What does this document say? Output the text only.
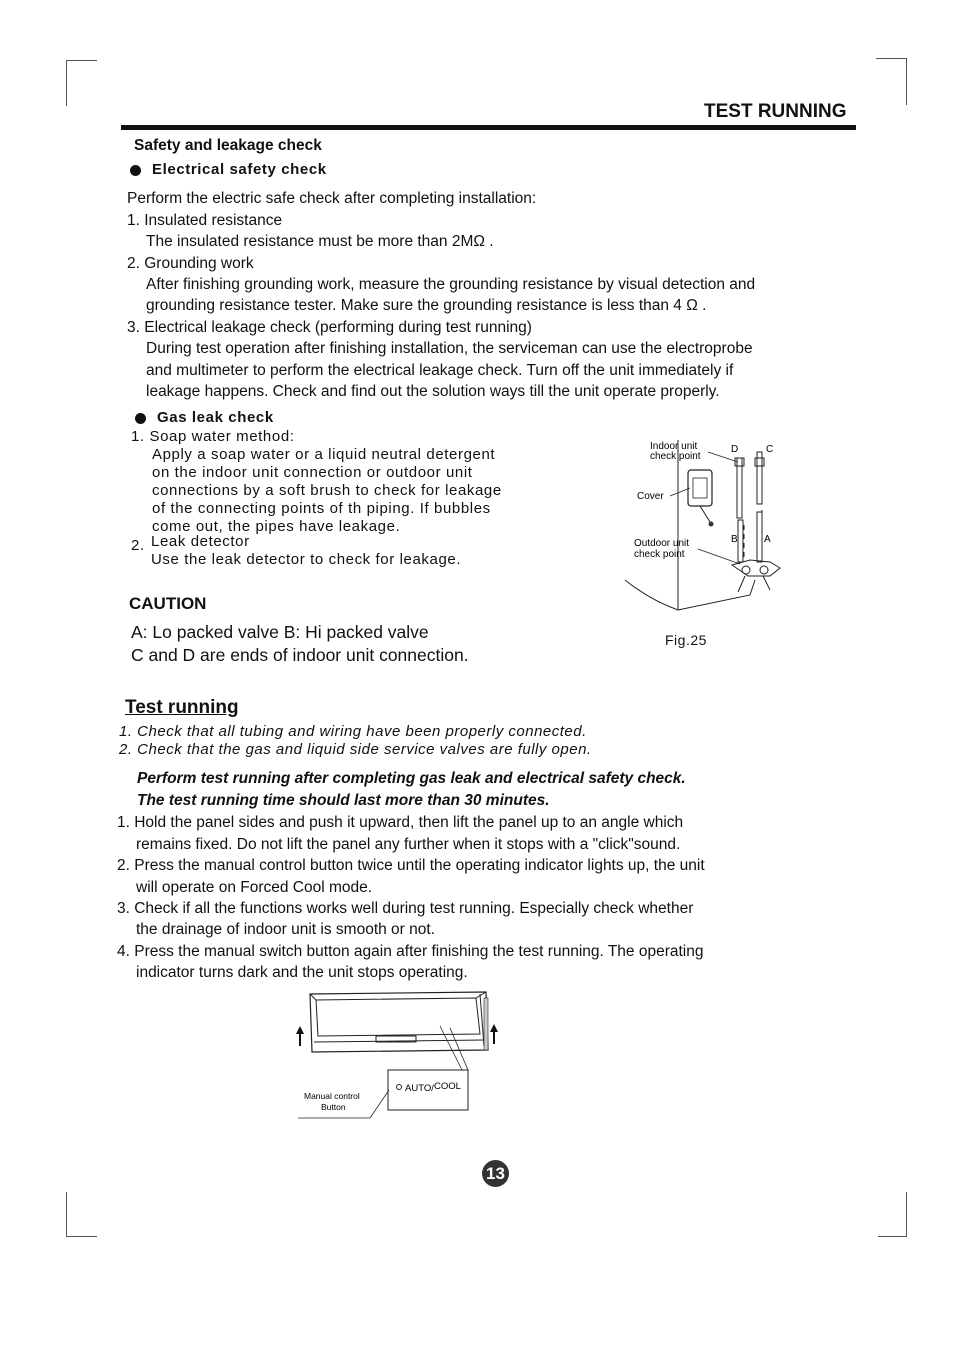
TEST RUNNING
Safety and leakage check
Electrical safety check
Perform the electric safe check after completing installation:
1. Insulated resistance
The insulated resistance must be more than 2MΩ .
2. Grounding work
After finishing grounding work, measure the grounding resistance by visual detection and
grounding resistance tester. Make sure the grounding resistance is less than 4 Ω .
3. Electrical leakage check (performing during test running)
During test operation after finishing installation, the serviceman can use the electroprobe
and multimeter to perform the electrical leakage check. Turn off the unit immediately if
leakage happens. Check and find out the solution ways till the unit operate properly.
Gas leak check
1. Soap water method:
Apply a soap water or a liquid neutral detergent
on the indoor unit connection or outdoor unit
connections by a soft brush to check for leakage
of the connecting points of th piping. If bubbles
come out, the pipes have leakage.
2. Leak detector
Use the leak detector to check for leakage.
CAUTION
A: Lo packed valve B: Hi packed valve
C and D are ends of indoor unit connection.
Indoor unit
check point
D	C
Cover
Outdoor unit
check point
B	A
Fig.25
Test running
1. Check that all tubing and wiring have been properly connected.
2. Check that the gas and liquid side service valves are fully open.
Perform test running after completing gas leak and electrical safety check.
The test running time should last more than 30 minutes.
1. Hold the panel sides and push it upward, then lift the panel up to an angle which
remains fixed. Do not lift the panel any further when it stops with a "click"sound.
2. Press the manual control button twice until the operating indicator lights up, the unit
will operate on Forced Cool mode.
3. Check if all the functions works well during test running. Especially check whether
the drainage of indoor unit is smooth or not.
4. Press the manual switch button again after finishing the test running. The operating
indicator turns dark and the unit stops operating.
AUTO/ COOL
Manual control
Button
13
